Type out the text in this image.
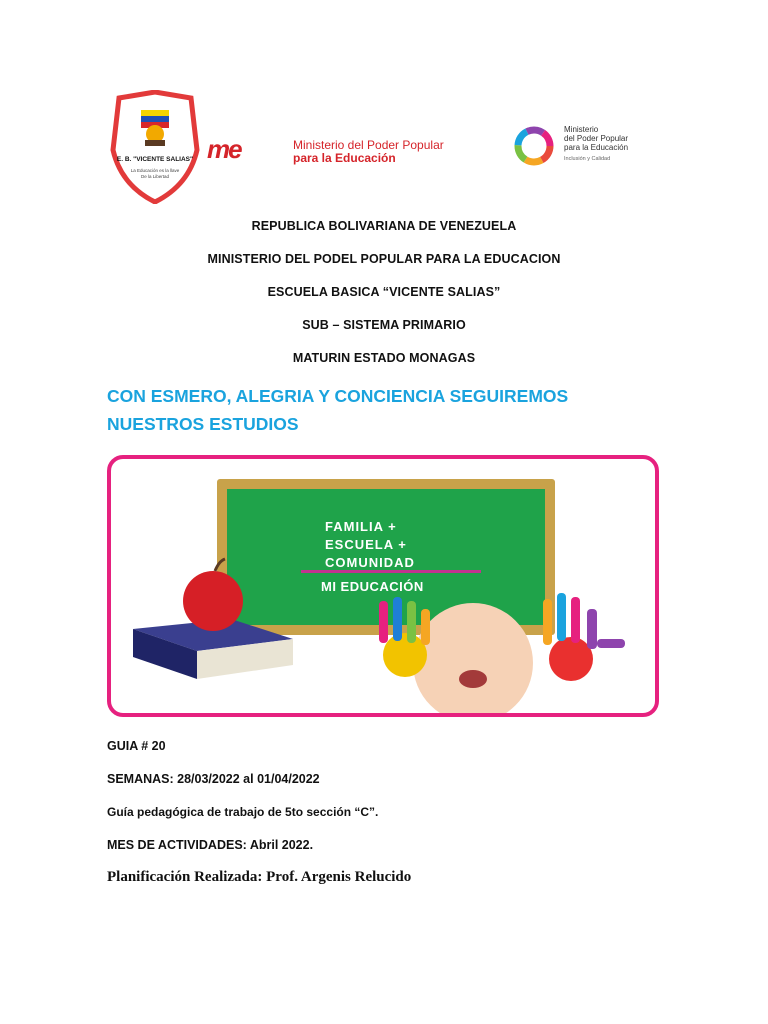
E. B. "VICENTE SALIAS"
La Educación es la llave
De la Libertad
me	Ministerio del Poder Popular
para la Educación
Ministerio
del Poder Popular
para la Educación
Inclusión y Calidad
REPUBLICA BOLIVARIANA DE VENEZUELA
MINISTERIO DEL PODEL POPULAR PARA LA EDUCACION
ESCUELA BASICA “VICENTE SALIAS”
SUB – SISTEMA PRIMARIO
MATURIN ESTADO MONAGAS
CON ESMERO, ALEGRIA Y CONCIENCIA SEGUIREMOS NUESTROS ESTUDIOS
FAMILIA +
ESCUELA +
COMUNIDAD
MI EDUCACIÓN
GUIA # 20
SEMANAS: 28/03/2022 al 01/04/2022
Guía pedagógica de trabajo de 5to sección “C”.
MES DE ACTIVIDADES: Abril 2022.
Planificación Realizada: Prof. Argenis Relucido
